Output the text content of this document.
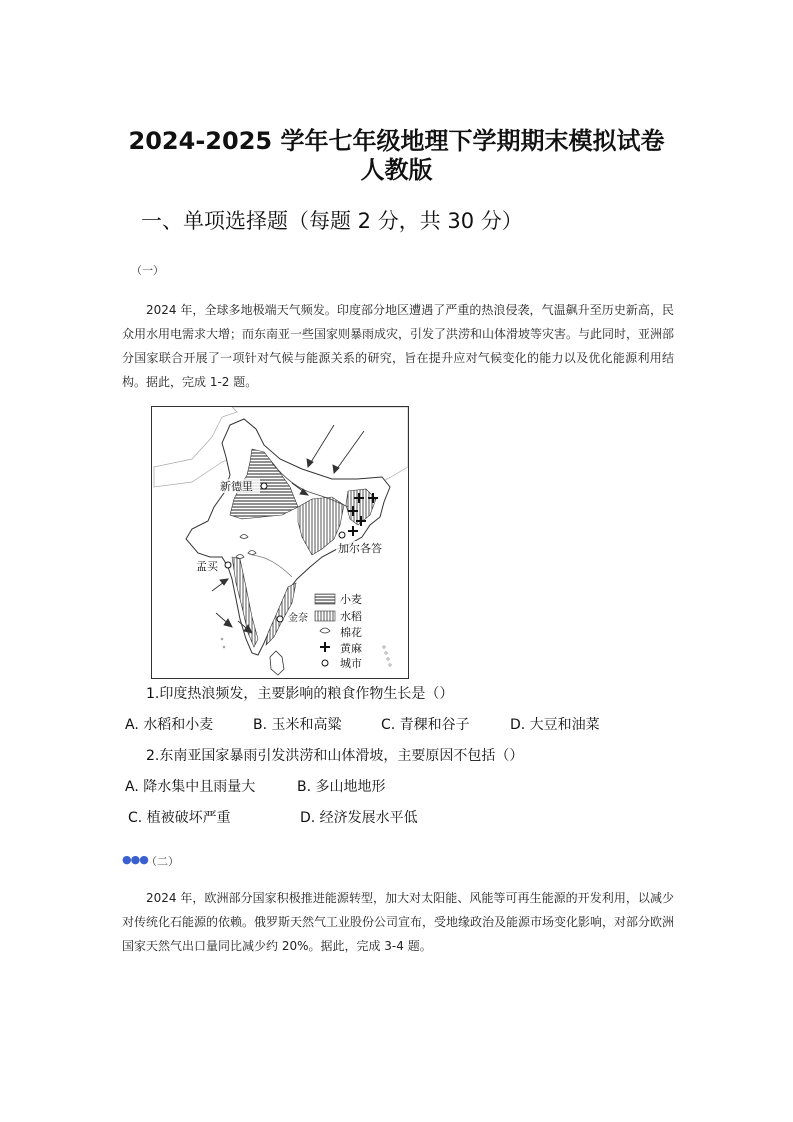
2024-2025 学年七年级地理下学期期末模拟试卷
人教版
一、单项选择题（每题 2 分，共 30 分）
（一）
2024 年，全球多地极端天气频发。印度部分地区遭遇了严重的热浪侵袭，气温飙升至历史新高，民众用水用电需求大增；而东南亚一些国家则暴雨成灾，引发了洪涝和山体滑坡等灾害。与此同时，亚洲部分国家联合开展了一项针对气候与能源关系的研究，旨在提升应对气候变化的能力以及优化能源利用结构。据此，完成 1-2 题。
新德里
加尔各答
孟买
金奈
小麦
水稻
棉花
黄麻
城市
1.印度热浪频发，主要影响的粮食作物生长是（）
A. 水稻和小麦	B. 玉米和高粱	C. 青稞和谷子	D. 大豆和油菜
2.东南亚国家暴雨引发洪涝和山体滑坡，主要原因不包括（）
A. 降水集中且雨量大	B. 多山地地形
C. 植被破坏严重	D. 经济发展水平低
●●●
（二）
2024 年，欧洲部分国家积极推进能源转型，加大对太阳能、风能等可再生能源的开发利用，以减少对传统化石能源的依赖。俄罗斯天然气工业股份公司宣布，受地缘政治及能源市场变化影响，对部分欧洲国家天然气出口量同比减少约 20%。据此，完成 3-4 题。
